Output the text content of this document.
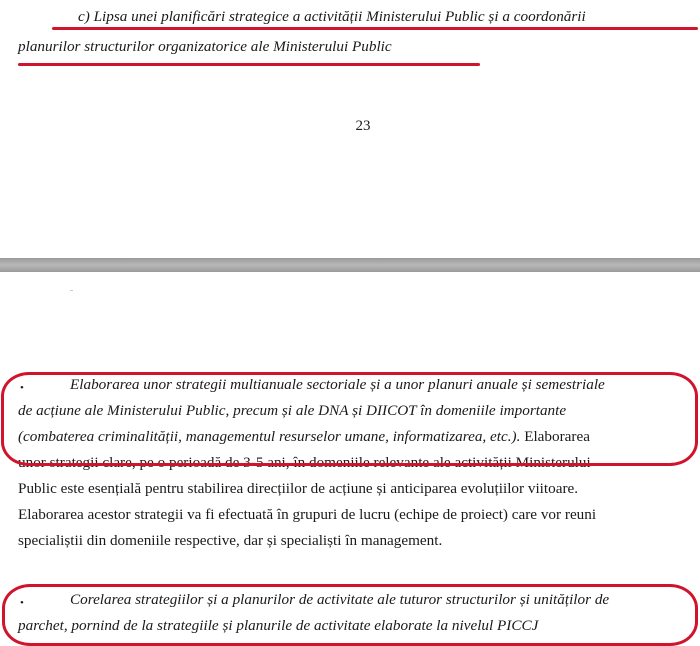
c) Lipsa unei planificări strategice a activității Ministerului Public și a coordonării
planurilor structurilor organizatorice ale Ministerului Public
23
•	Elaborarea unor strategii multianuale sectoriale și a unor planuri anuale și semestriale
de acțiune ale Ministerului Public, precum și ale DNA și DIICOT în domeniile importante
(combaterea criminalității, managementul resurselor umane, informatizarea, etc.). Elaborarea
unor strategii clare, pe o perioadă de 3-5 ani, în domeniile relevante ale activității Ministerului
Public este esențială pentru stabilirea direcțiilor de acțiune și anticiparea evoluțiilor viitoare.
Elaborarea acestor strategii va fi efectuată în grupuri de lucru (echipe de proiect) care vor reuni
specialiștii din domeniile respective, dar și specialiști în management.
•	Corelarea strategiilor și a planurilor de activitate ale tuturor structurilor și unităților de
parchet, pornind de la strategiile și planurile de activitate elaborate la nivelul PICCJ
